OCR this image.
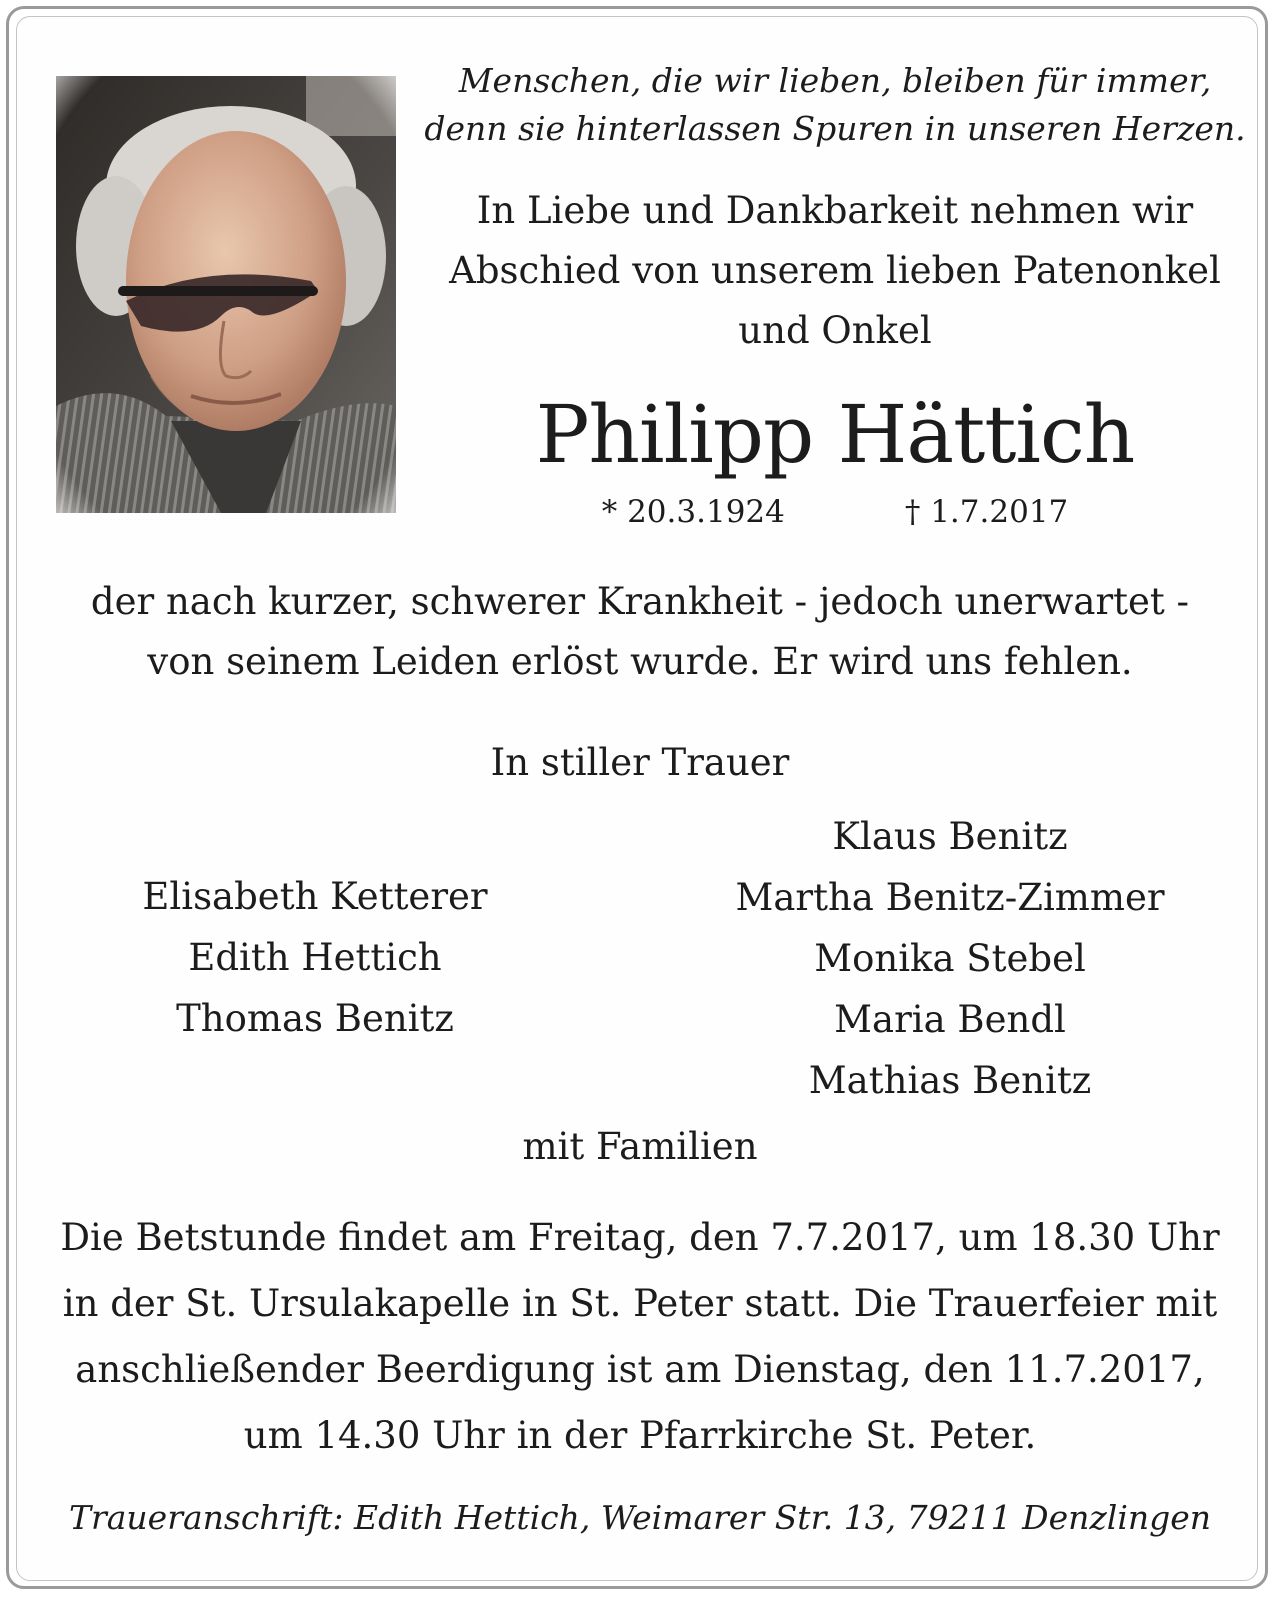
Menschen, die wir lieben, bleiben für immer,
denn sie hinterlassen Spuren in unseren Herzen.
In Liebe und Dankbarkeit nehmen wir
Abschied von unserem lieben Patenonkel
und Onkel
Philipp Hättich
* 20.3.1924	† 1.7.2017
der nach kurzer, schwerer Krankheit - jedoch unerwartet -
von seinem Leiden erlöst wurde. Er wird uns fehlen.
In stiller Trauer
Elisabeth Ketterer
Edith Hettich
Thomas Benitz
Klaus Benitz
Martha Benitz-Zimmer
Monika Stebel
Maria Bendl
Mathias Benitz
mit Familien
Die Betstunde findet am Freitag, den 7.7.2017, um 18.30 Uhr
in der St. Ursulakapelle in St. Peter statt. Die Trauerfeier mit
anschließender Beerdigung ist am Dienstag, den 11.7.2017,
um 14.30 Uhr in der Pfarrkirche St. Peter.
Traueranschrift: Edith Hettich, Weimarer Str. 13, 79211 Denzlingen
